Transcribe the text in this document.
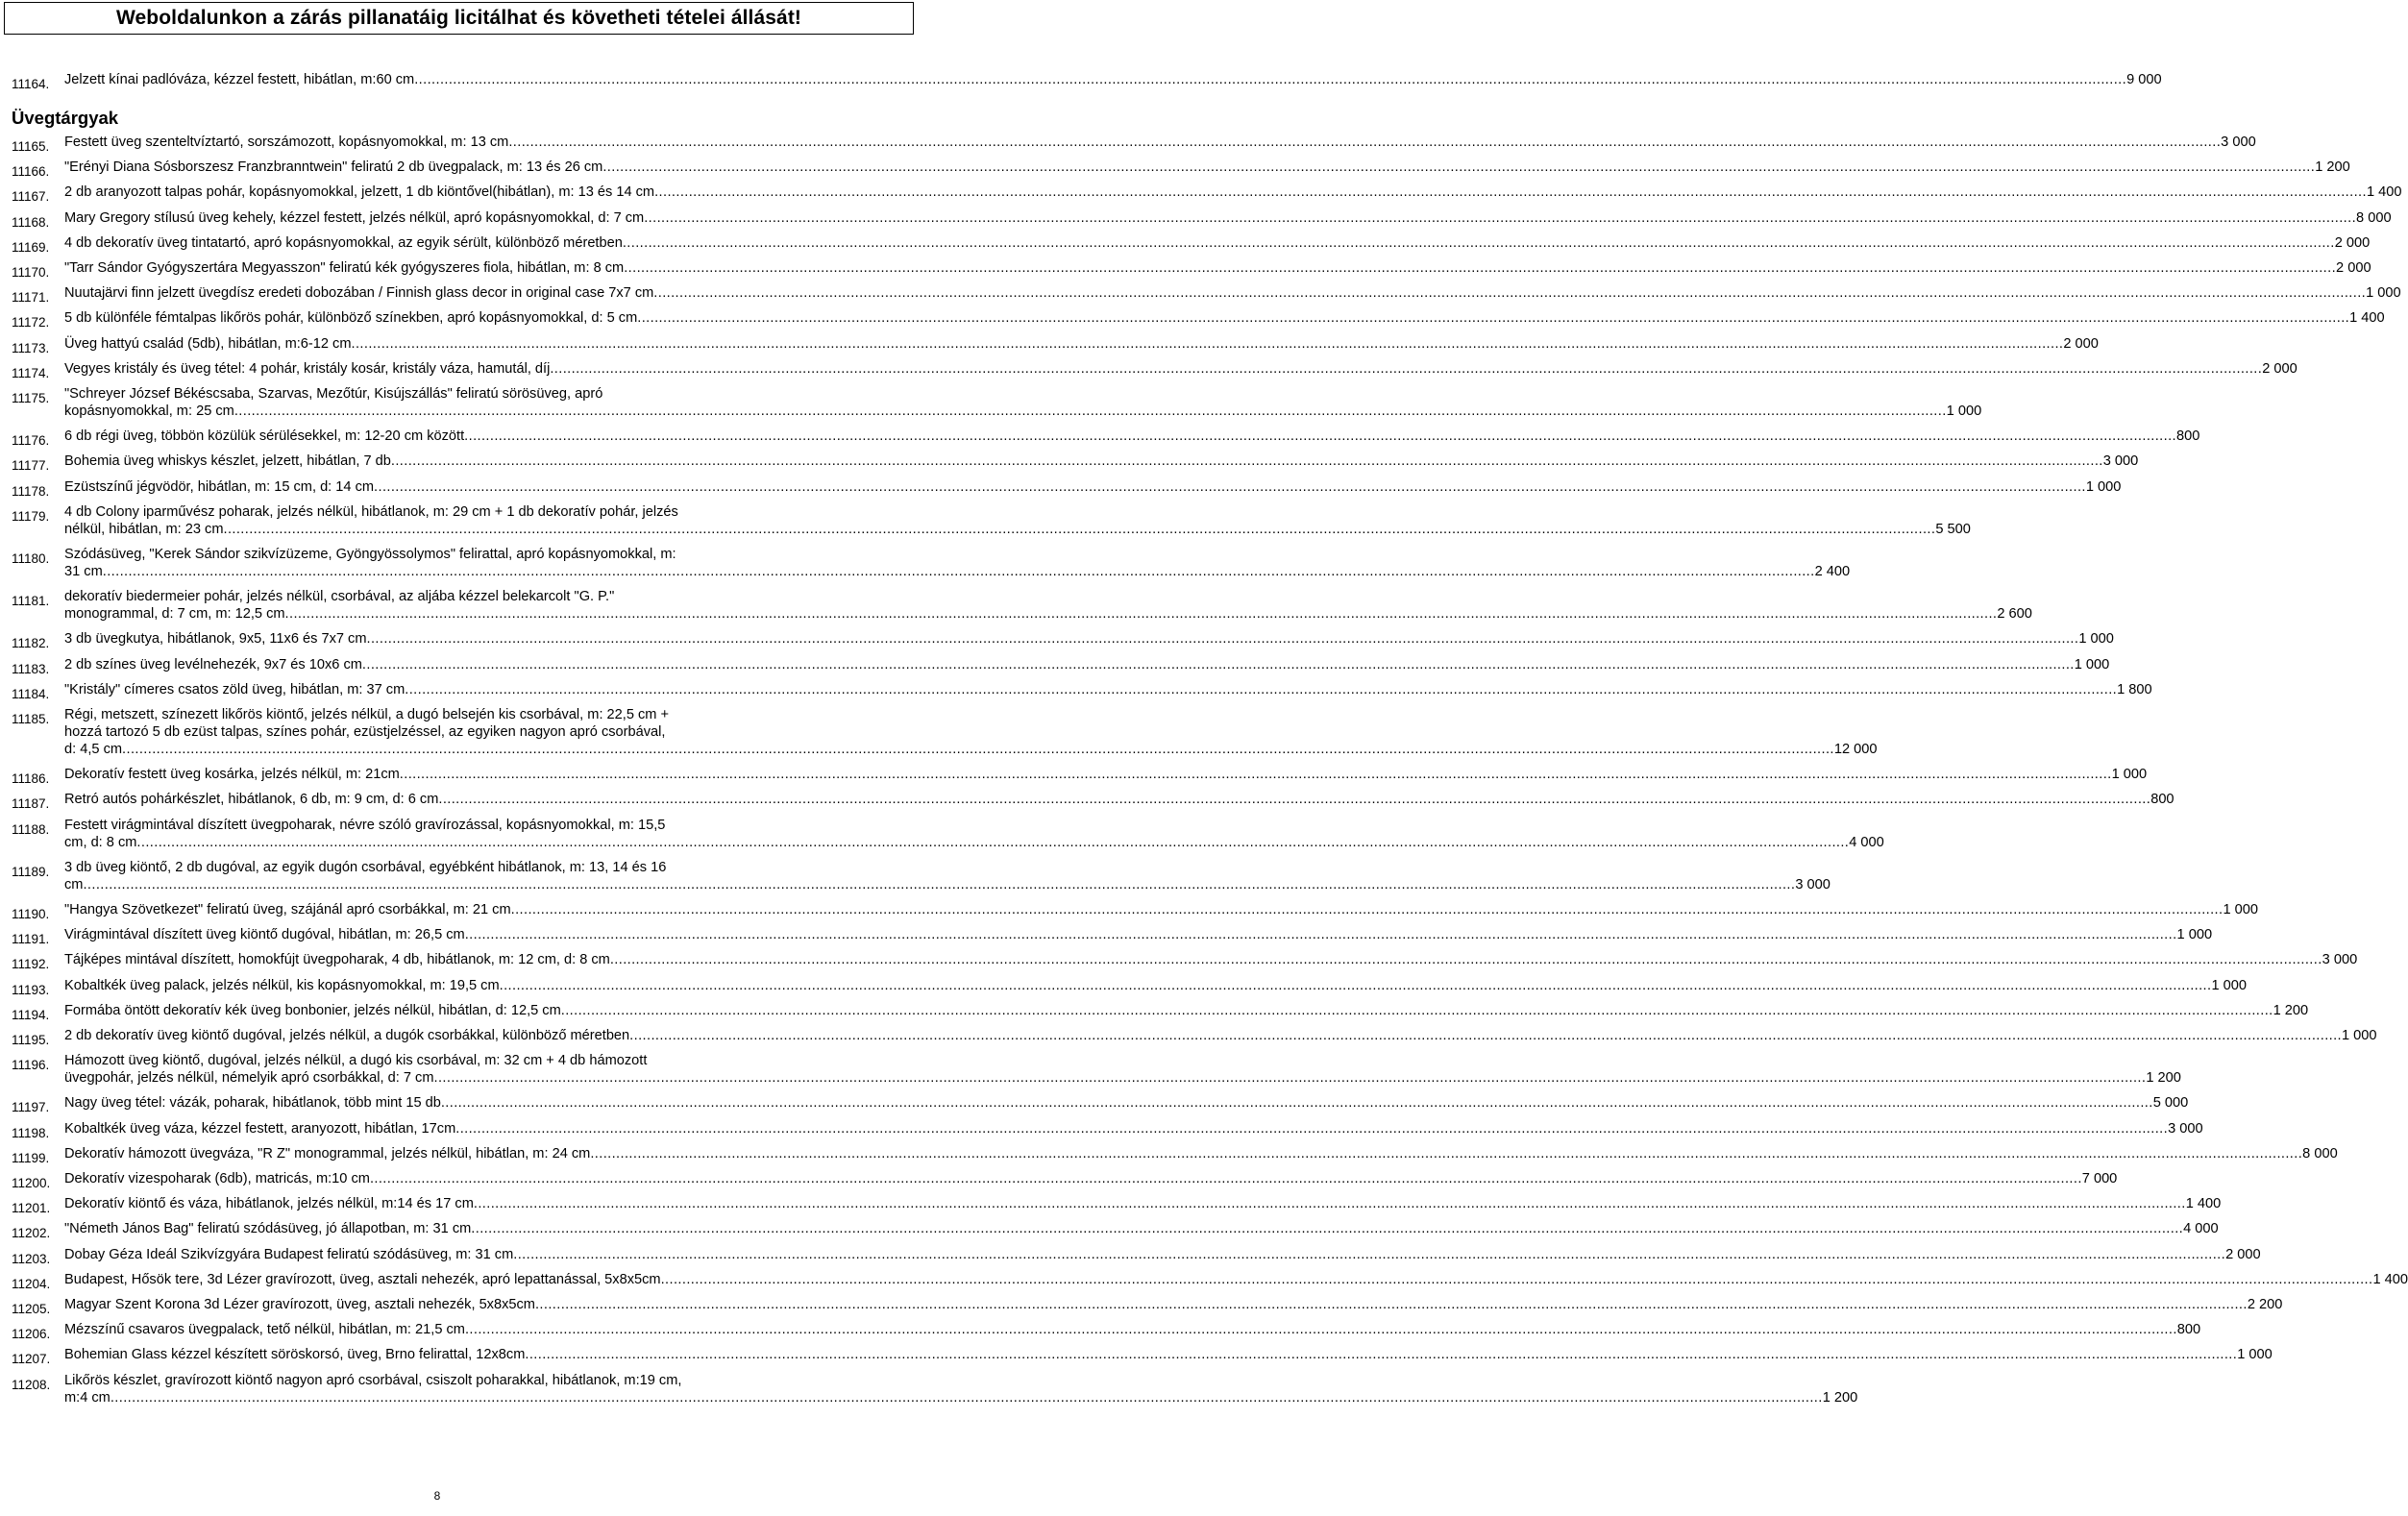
Weboldalunkon a zárás pillanatáig licitálhat és követheti tételei állását!
11164. Jelzett kínai padlóváza, kézzel festett, hibátlan, m:60 cm ................................................................................................................................................................................................................................................................................................................................................................................................................ 9 000
Üvegtárgyak
11165. Festett üveg szenteltvíztartó, sorszámozott, kopásnyomokkal, m: 13 cm ................................................................................................................................................................................................................................................................................................................................................................................................................ 3 000
11166. "Erényi Diana Sósborszesz Franzbranntwein" feliratú 2 db üvegpalack, m: 13 és 26 cm ................................................................................................................................................................................................................................................................................................................................................................................................................ 1 200
11167. 2 db aranyozott talpas pohár, kopásnyomokkal, jelzett, 1 db kiöntővel(hibátlan), m: 13 és 14 cm ................................................................................................................................................................................................................................................................................................................................................................................................................ 1 400
11168. Mary Gregory stílusú üveg kehely, kézzel festett, jelzés nélkül, apró kopásnyomokkal, d: 7 cm ................................................................................................................................................................................................................................................................................................................................................................................................................ 8 000
11169. 4 db dekoratív üveg tintatartó, apró kopásnyomokkal, az egyik sérült, különböző méretben ................................................................................................................................................................................................................................................................................................................................................................................................................ 2 000
11170. "Tarr Sándor Gyógyszertára Megyasszon" feliratú kék gyógyszeres fiola, hibátlan, m: 8 cm ................................................................................................................................................................................................................................................................................................................................................................................................................ 2 000
11171. Nuutajärvi finn jelzett üvegdísz eredeti dobozában / Finnish glass decor in original case 7x7 cm ................................................................................................................................................................................................................................................................................................................................................................................................................ 1 000
11172. 5 db különféle fémtalpas likőrös pohár, különböző színekben, apró kopásnyomokkal, d: 5 cm ................................................................................................................................................................................................................................................................................................................................................................................................................ 1 400
11173. Üveg hattyú család (5db), hibátlan, m:6-12 cm ................................................................................................................................................................................................................................................................................................................................................................................................................ 2 000
11174. Vegyes kristály és üveg tétel: 4 pohár, kristály kosár, kristály váza, hamutál, díj ................................................................................................................................................................................................................................................................................................................................................................................................................ 2 000
11175. "Schreyer József Békéscsaba, Szarvas, Mezőtúr, Kisújszállás" feliratú sörösüveg, apró
kopásnyomokkal, m: 25 cm ................................................................................................................................................................................................................................................................................................................................................................................................................ 1 000
11176. 6 db régi üveg, többön közülük sérülésekkel, m: 12-20 cm között ................................................................................................................................................................................................................................................................................................................................................................................................................ 800
11177. Bohemia üveg whiskys készlet, jelzett, hibátlan, 7 db ................................................................................................................................................................................................................................................................................................................................................................................................................ 3 000
11178. Ezüstszínű jégvödör, hibátlan, m: 15 cm, d: 14 cm ................................................................................................................................................................................................................................................................................................................................................................................................................ 1 000
11179. 4 db Colony iparművész poharak, jelzés nélkül, hibátlanok, m: 29 cm + 1 db dekoratív pohár, jelzés
nélkül, hibátlan, m: 23 cm ................................................................................................................................................................................................................................................................................................................................................................................................................ 5 500
11180. Szódásüveg, "Kerek Sándor szikvízüzeme, Gyöngyössolymos" felirattal, apró kopásnyomokkal, m:
31 cm ................................................................................................................................................................................................................................................................................................................................................................................................................ 2 400
11181. dekoratív biedermeier pohár, jelzés nélkül, csorbával, az aljába kézzel belekarcolt "G. P."
monogrammal, d: 7 cm, m: 12,5 cm ................................................................................................................................................................................................................................................................................................................................................................................................................ 2 600
11182. 3 db üvegkutya, hibátlanok, 9x5, 11x6 és 7x7 cm ................................................................................................................................................................................................................................................................................................................................................................................................................ 1 000
11183. 2 db színes üveg levélnehezék, 9x7 és 10x6 cm ................................................................................................................................................................................................................................................................................................................................................................................................................ 1 000
11184. "Kristály" címeres csatos zöld üveg, hibátlan, m: 37 cm ................................................................................................................................................................................................................................................................................................................................................................................................................ 1 800
11185. Régi, metszett, színezett likőrös kiöntő, jelzés nélkül, a dugó belsején kis csorbával, m: 22,5 cm +
hozzá tartozó 5 db ezüst talpas, színes pohár, ezüstjelzéssel, az egyiken nagyon apró csorbával,
d: 4,5 cm ................................................................................................................................................................................................................................................................................................................................................................................................................ 12 000
11186. Dekoratív festett üveg kosárka, jelzés nélkül, m: 21cm ................................................................................................................................................................................................................................................................................................................................................................................................................ 1 000
11187. Retró autós pohárkészlet, hibátlanok, 6 db, m: 9 cm, d: 6 cm ................................................................................................................................................................................................................................................................................................................................................................................................................ 800
11188. Festett virágmintával díszített üvegpoharak, névre szóló gravírozással, kopásnyomokkal, m: 15,5
cm, d: 8 cm ................................................................................................................................................................................................................................................................................................................................................................................................................ 4 000
11189. 3 db üveg kiöntő, 2 db dugóval, az egyik dugón csorbával, egyébként hibátlanok, m: 13, 14 és 16
cm ................................................................................................................................................................................................................................................................................................................................................................................................................ 3 000
11190. "Hangya Szövetkezet" feliratú üveg, szájánál apró csorbákkal, m: 21 cm ................................................................................................................................................................................................................................................................................................................................................................................................................ 1 000
11191. Virágmintával díszített üveg kiöntő dugóval, hibátlan, m: 26,5 cm ................................................................................................................................................................................................................................................................................................................................................................................................................ 1 000
11192. Tájképes mintával díszített, homokfújt üvegpoharak, 4 db, hibátlanok, m: 12 cm, d: 8 cm ................................................................................................................................................................................................................................................................................................................................................................................................................ 3 000
11193. Kobaltkék üveg palack, jelzés nélkül, kis kopásnyomokkal, m: 19,5 cm ................................................................................................................................................................................................................................................................................................................................................................................................................ 1 000
11194. Formába öntött dekoratív kék üveg bonbonier, jelzés nélkül, hibátlan, d: 12,5 cm ................................................................................................................................................................................................................................................................................................................................................................................................................ 1 200
11195. 2 db dekoratív üveg kiöntő dugóval, jelzés nélkül, a dugók csorbákkal, különböző méretben ................................................................................................................................................................................................................................................................................................................................................................................................................ 1 000
11196. Hámozott üveg kiöntő, dugóval, jelzés nélkül, a dugó kis csorbával, m: 32 cm + 4 db hámozott
üvegpohár, jelzés nélkül, némelyik apró csorbákkal, d: 7 cm ................................................................................................................................................................................................................................................................................................................................................................................................................ 1 200
11197. Nagy üveg tétel: vázák, poharak, hibátlanok, több mint 15 db ................................................................................................................................................................................................................................................................................................................................................................................................................ 5 000
11198. Kobaltkék üveg váza, kézzel festett, aranyozott, hibátlan, 17cm ................................................................................................................................................................................................................................................................................................................................................................................................................ 3 000
11199. Dekoratív hámozott üvegváza, "R Z" monogrammal, jelzés nélkül, hibátlan, m: 24 cm ................................................................................................................................................................................................................................................................................................................................................................................................................ 8 000
11200. Dekoratív vizespoharak (6db), matricás, m:10 cm ................................................................................................................................................................................................................................................................................................................................................................................................................ 7 000
11201. Dekoratív kiöntő és váza, hibátlanok, jelzés nélkül, m:14 és 17 cm ................................................................................................................................................................................................................................................................................................................................................................................................................ 1 400
11202. "Németh János Bag" feliratú szódásüveg, jó állapotban, m: 31 cm ................................................................................................................................................................................................................................................................................................................................................................................................................ 4 000
11203. Dobay Géza Ideál Szikvízgyára Budapest feliratú szódásüveg, m: 31 cm ................................................................................................................................................................................................................................................................................................................................................................................................................ 2 000
11204. Budapest, Hősök tere, 3d Lézer gravírozott, üveg, asztali nehezék, apró lepattanással, 5x8x5cm ................................................................................................................................................................................................................................................................................................................................................................................................................ 1 400
11205. Magyar Szent Korona 3d Lézer gravírozott, üveg, asztali nehezék, 5x8x5cm ................................................................................................................................................................................................................................................................................................................................................................................................................ 2 200
11206. Mézszínű csavaros üvegpalack, tető nélkül, hibátlan, m: 21,5 cm ................................................................................................................................................................................................................................................................................................................................................................................................................ 800
11207. Bohemian Glass kézzel készített söröskorsó, üveg, Brno felirattal, 12x8cm ................................................................................................................................................................................................................................................................................................................................................................................................................ 1 000
11208. Likőrös készlet, gravírozott kiöntő nagyon apró csorbával, csiszolt poharakkal, hibátlanok, m:19 cm,
m:4 cm ................................................................................................................................................................................................................................................................................................................................................................................................................ 1 200
8
